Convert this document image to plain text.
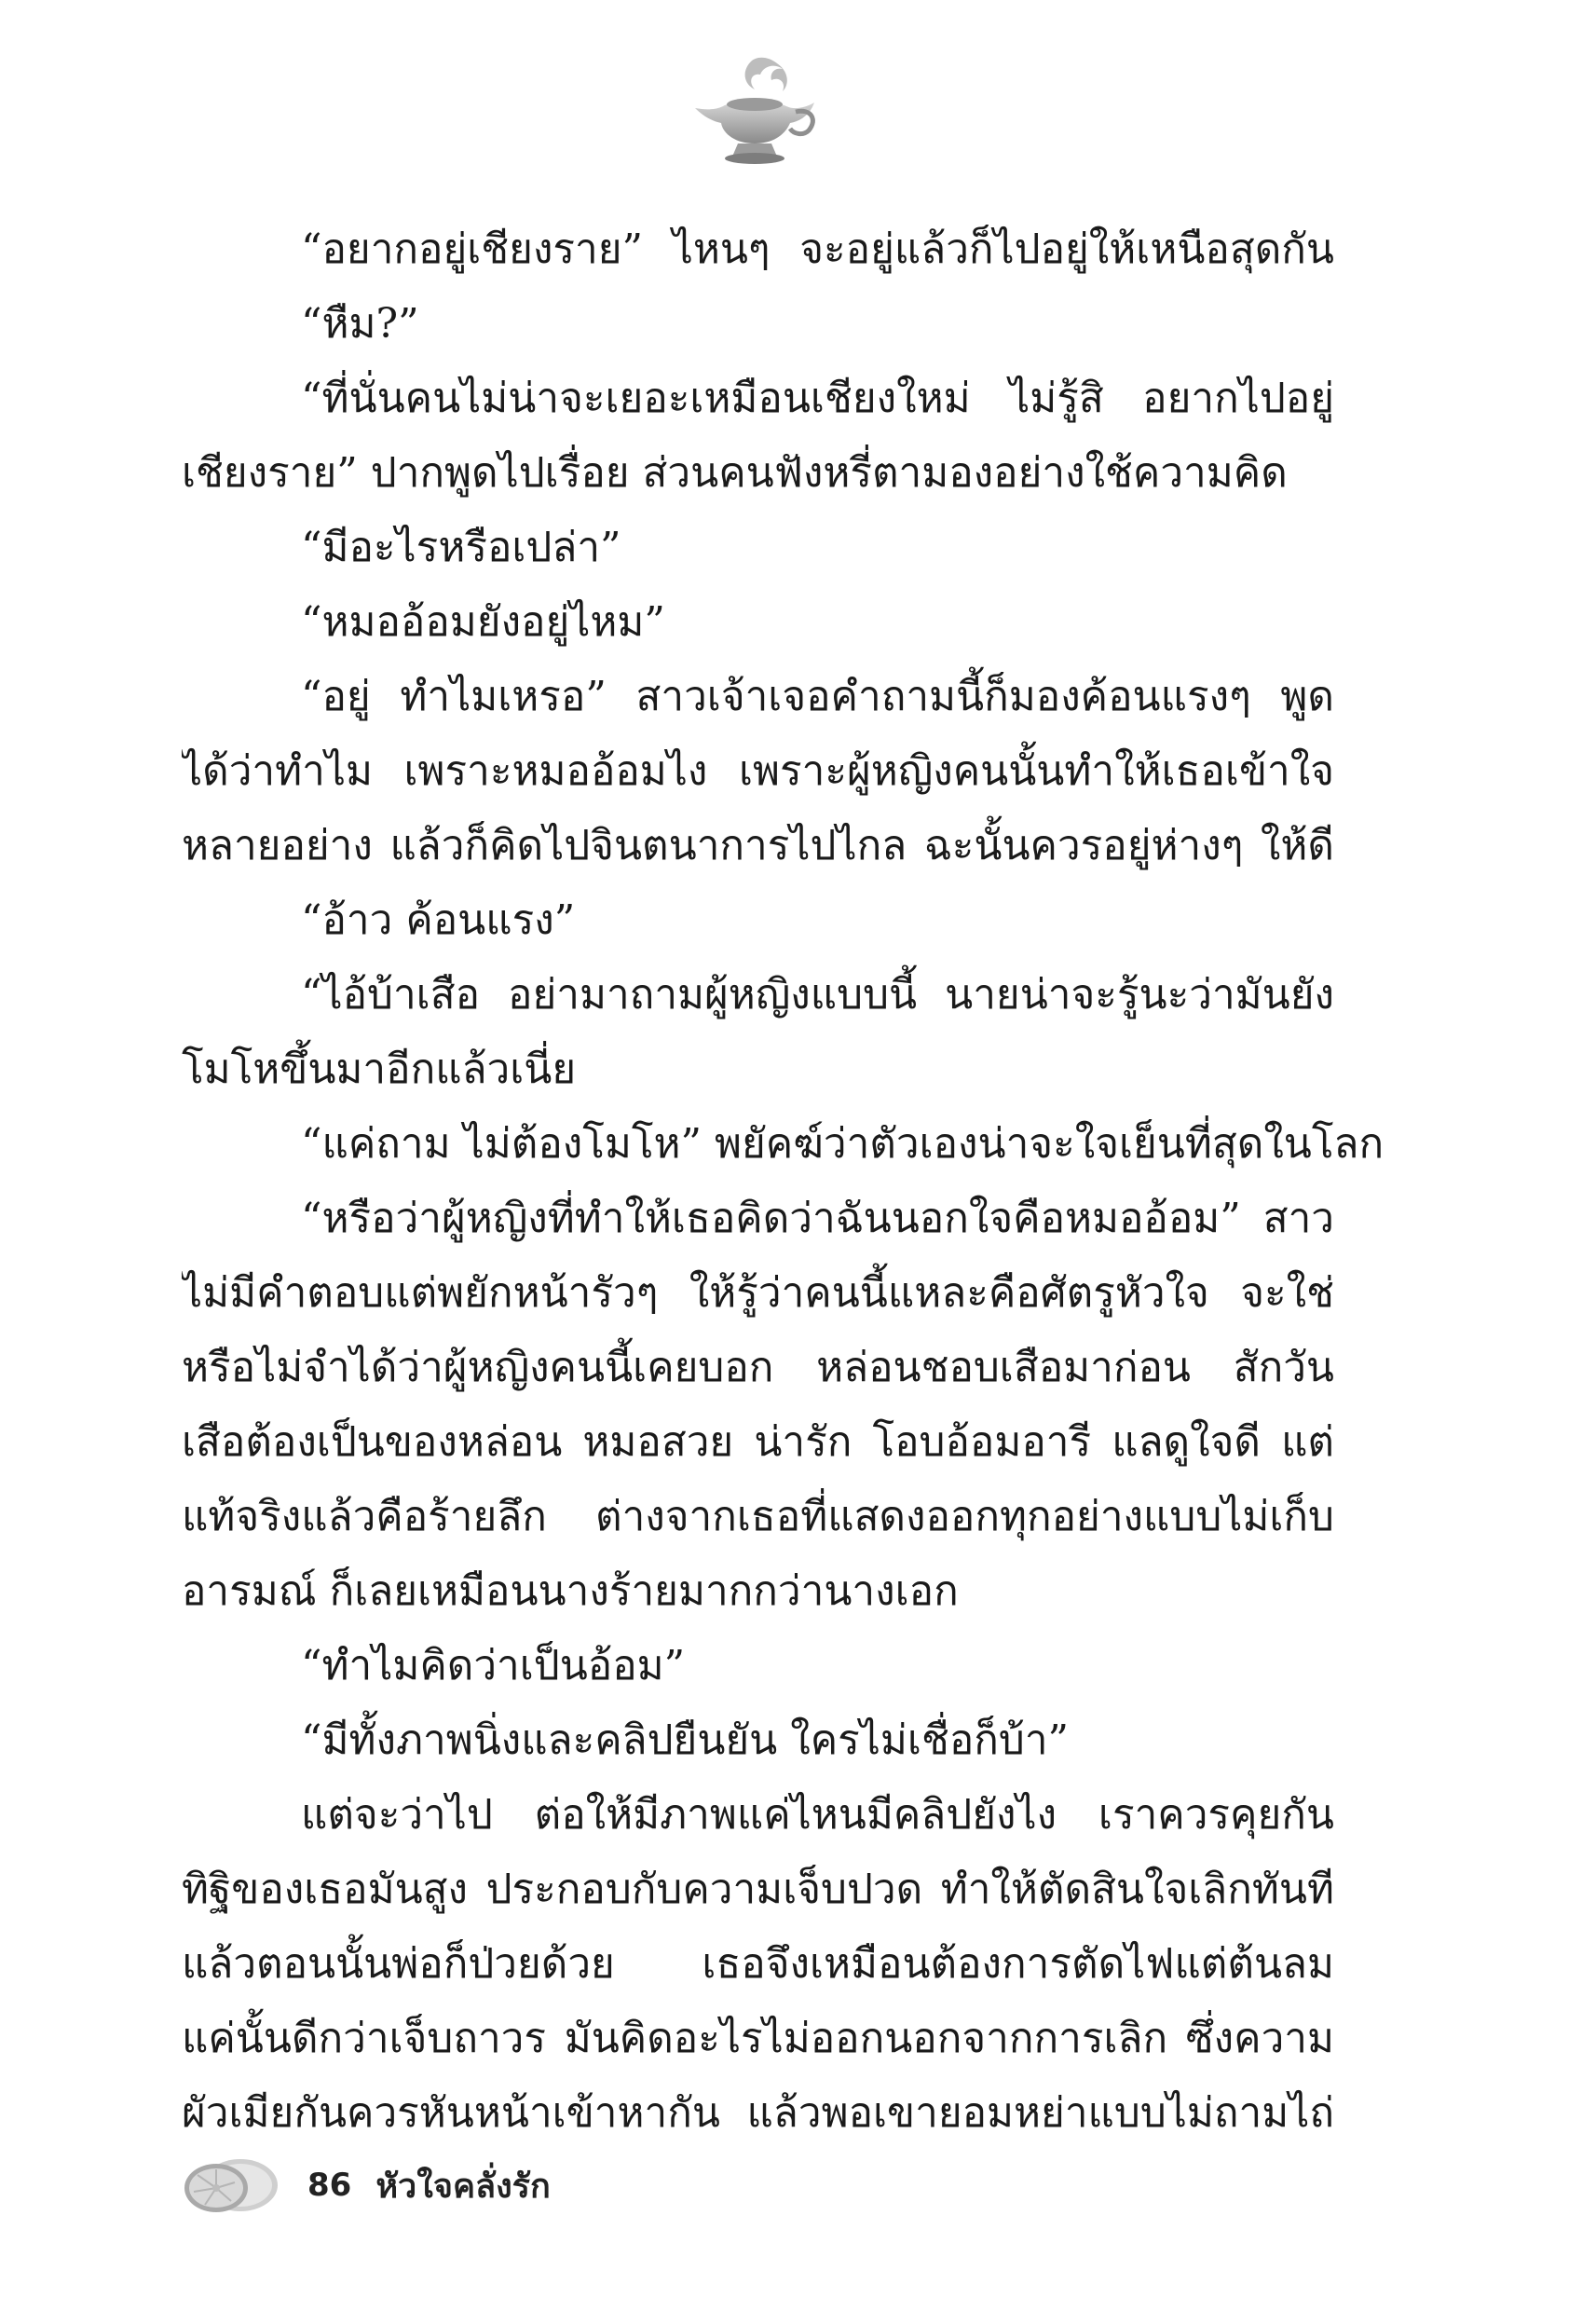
“อยากอยู่เชียงราย” ไหนๆ จะอยู่แล้วก็ไปอยู่ให้เหนือสุดกัน
“หืม?”
“ที่นั่นคนไม่น่าจะเยอะเหมือนเชียงใหม่ ไม่รู้สิ อยากไปอยู่
เชียงราย” ปากพูดไปเรื่อย ส่วนคนฟังหรี่ตามองอย่างใช้ความคิด
“มีอะไรหรือเปล่า”
“หมออ้อมยังอยู่ไหม”
“อยู่ ทำไมเหรอ” สาวเจ้าเจอคำถามนี้ก็มองค้อนแรงๆ พูด
ได้ว่าทำไม เพราะหมออ้อมไง เพราะผู้หญิงคนนั้นทำให้เธอเข้าใจ
หลายอย่าง แล้วก็คิดไปจินตนาการไปไกล ฉะนั้นควรอยู่ห่างๆ ให้ดี
“อ้าว ค้อนแรง”
“ไอ้บ้าเสือ อย่ามาถามผู้หญิงแบบนี้ นายน่าจะรู้นะว่ามันยัง
โมโหขึ้นมาอีกแล้วเนี่ย
“แค่ถาม ไม่ต้องโมโห” พยัคฆ์ว่าตัวเองน่าจะใจเย็นที่สุดในโลก
“หรือว่าผู้หญิงที่ทำให้เธอคิดว่าฉันนอกใจคือหมออ้อม” สาว
ไม่มีคำตอบแต่พยักหน้ารัวๆ ให้รู้ว่าคนนี้แหละคือศัตรูหัวใจ จะใช่
หรือไม่จำได้ว่าผู้หญิงคนนี้เคยบอก หล่อนชอบเสือมาก่อน สักวัน
เสือต้องเป็นของหล่อน หมอสวย น่ารัก โอบอ้อมอารี แลดูใจดี แต่
แท้จริงแล้วคือร้ายลึก ต่างจากเธอที่แสดงออกทุกอย่างแบบไม่เก็บ
อารมณ์ ก็เลยเหมือนนางร้ายมากกว่านางเอก
“ทำไมคิดว่าเป็นอ้อม”
“มีทั้งภาพนิ่งและคลิปยืนยัน ใครไม่เชื่อก็บ้า”
แต่จะว่าไป ต่อให้มีภาพแค่ไหนมีคลิปยังไง เราควรคุยกัน
ทิฐิของเธอมันสูง ประกอบกับความเจ็บปวด ทำให้ตัดสินใจเลิกทันที
แล้วตอนนั้นพ่อก็ป่วยด้วย เธอจึงเหมือนต้องการตัดไฟแต่ต้นลม
แค่นั้นดีกว่าเจ็บถาวร มันคิดอะไรไม่ออกนอกจากการเลิก ซึ่งความ
ผัวเมียกันควรหันหน้าเข้าหากัน แล้วพอเขายอมหย่าแบบไม่ถามไถ่
86 หัวใจคลั่งรัก
